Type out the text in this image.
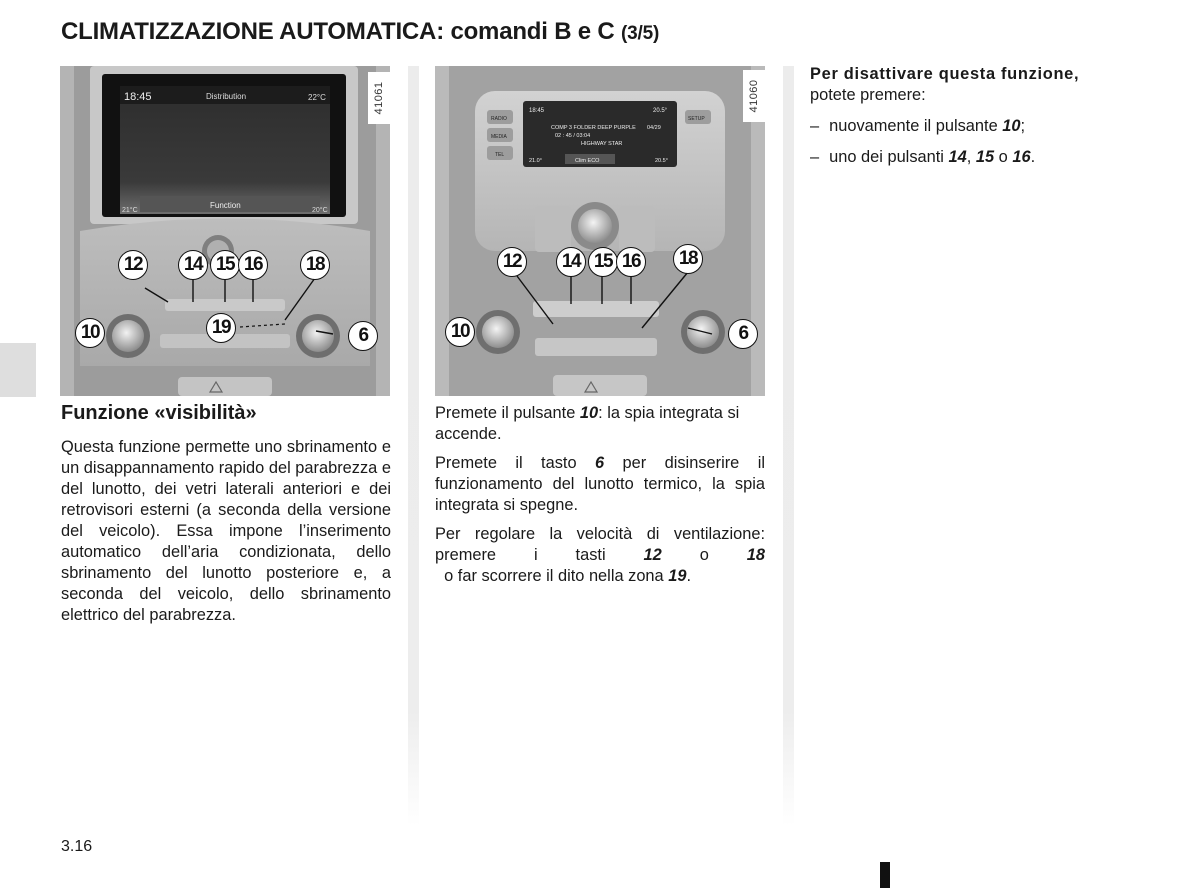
CLIMATIZZAZIONE AUTOMATICA: comandi B e C (3/5)
18:45	Distribution	22°C
Function
21°C	20°C
41061
12	14 15 16	18
10	19	6
18:45	20.5°
COMP 3 FOLDER DEEP PURPLE 04/29
02 : 45 / 03:04
HIGHWAY STAR
Clim ECO
21.0°	20.5°
RADIO
MEDIA
TEL
SETUP
41060
12	14 15 16	18
10	6
Funzione «visibilità»

Questa funzione permette uno sbrinamento e un disappannamento rapido del parabrezza e del lunotto, dei vetri laterali anteriori e dei retrovisori esterni (a seconda della versione del veicolo). Essa impone l’inserimento automatico dell’aria condizionata, dello sbrinamento del lunotto posteriore e, a seconda del veicolo, dello sbrinamento elettrico del parabrezza.

Premete il pulsante 10: la spia integrata si accende.

Premete il tasto 6 per disinserire il funzionamento del lunotto termico, la spia integrata si spegne.

Per regolare la velocità di ventilazione: premere i tasti 12 o 18  o far scorrere il dito nella zona 19.

Per disattivare questa funzione,
potete premere:

– nuovamente il pulsante 10;
– uno dei pulsanti 14, 15 o 16.
3.16
